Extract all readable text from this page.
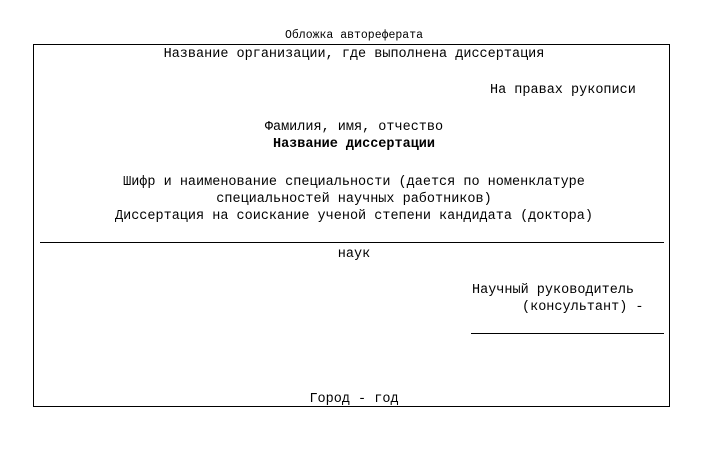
Обложка автореферата
Название организации, где выполнена диссертация
На правах рукописи
Фамилия, имя, отчество
Название диссертации
Шифр и наименование специальности (дается по номенклатуре
специальностей научных работников)
Диссертация на соискание ученой степени кандидата (доктора)
наук
Научный руководитель
(консультант) -
Город - год
